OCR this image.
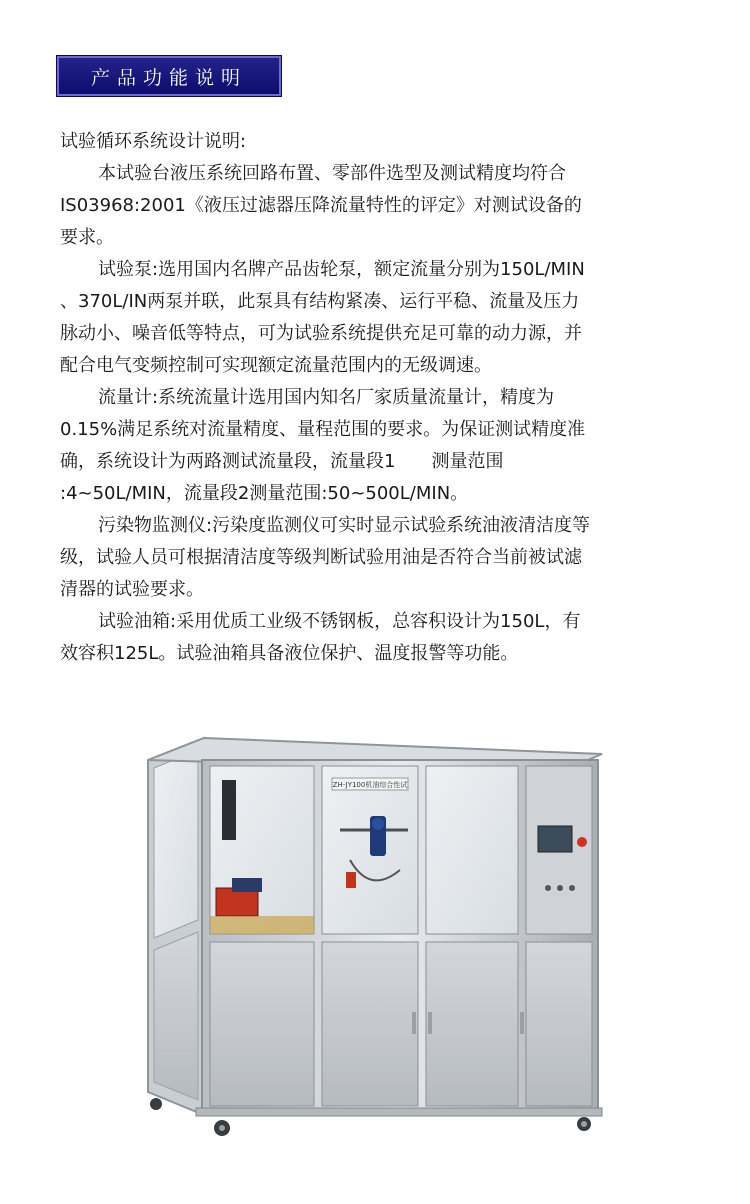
产品功能说明
试验循环系统设计说明:

本试验台液压系统回路布置、零部件选型及测试精度均符合
IS03968:2001《液压过滤器压降流量特性的评定》对测试设备的
要求。

试验泵:选用国内名牌产品齿轮泵，额定流量分别为150L/MIN
、370L/IN两泵并联，此泵具有结构紧凑、运行平稳、流量及压力
脉动小、噪音低等特点，可为试验系统提供充足可靠的动力源，并
配合电气变频控制可实现额定流量范围内的无级调速。

流量计:系统流量计选用国内知名厂家质量流量计，精度为
0.15%满足系统对流量精度、量程范围的要求。为保证测试精度准
确，系统设计为两路测试流量段，流量段1　　测量范围
:4~50L/MIN，流量段2测量范围:50~500L/MIN。

污染物监测仪:污染度监测仪可实时显示试验系统油液清洁度等
级，试验人员可根据清洁度等级判断试验用油是否符合当前被试滤
清器的试验要求。

试验油箱:采用优质工业级不锈钢板，总容积设计为150L，有
效容积125L。试验油箱具备液位保护、温度报警等功能。

ZH-JY100机油综合性试
